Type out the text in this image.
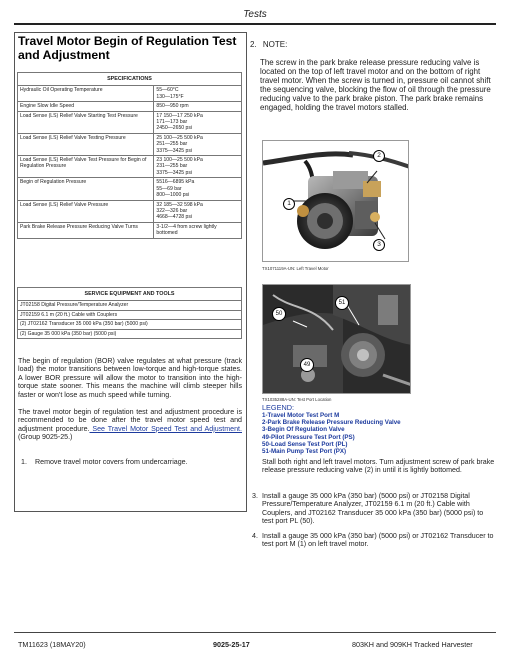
Tests
Travel Motor Begin of Regulation Test and Adjustment
SPECIFICATIONS	
Hydraulic Oil Operating Temperature	55—60°C
130—175°F

Engine Slow Idle Speed	850—950 rpm

Load Sense (LS) Relief Valve Starting Test Pressure	17 150—17 250 kPa
171—173 bar
2450—2650 psi

Load Sense (LS) Relief Valve Testing Pressure	25 100—25 500 kPa
251—255 bar
3375—3425 psi

Load Sense (LS) Relief Valve Test Pressure for Begin of Regulation Pressure	23 100—25 500 kPa
231—255 bar
3375—3425 psi

Begin of Regulation Pressure	5516—6895 kPa
55—69 bar
800—1000 psi

Load Sense (LS) Relief Valve Pressure	32 185—32 598 kPa
322—326 bar
4668—4728 psi

Park Brake Release Pressure Reducing Valve Turns	3-1/2—4 from screw lightly bottomed
SERVICE EQUIPMENT AND TOOLS
JT02158 Digital Pressure/Temperature Analyzer
JT02159 6.1 m (20 ft.) Cable with Couplers
(2) JT02162 Transducer 35 000 kPa (350 bar) (5000 psi)
(2) Gauge 35 000 kPa (350 bar) (5000 psi)
The begin of regulation (BOR) valve regulates at what pressure (track load) the motor transitions between low-torque and high-torque states. A lower BOR pressure will allow the motor to transition into the high-torque state sooner. This means the machine will climb steeper hills faster or won't lose as much speed while turning.
The travel motor begin of regulation test and adjustment procedure is recommended to be done after the travel motor speed test and adjustment procedure. See Travel Motor Speed Test and Adjustment. (Group 9025-25.)
1. Remove travel motor covers from undercarriage.
2. NOTE:
The screw in the park brake release pressure reducing valve is located on the top of left travel motor and on the bottom of right travel motor. When the screw is turned in, pressure oil cannot shift the sequencing valve, blocking the flow of oil through the pressure reducing valve to the park brake piston. The park brake remains engaged, holding the travel motors stalled.
1
2
3
TX1071119A-UN: Left Travel Motor
50
51
49
TX1035288A-UN: Test Port Location
LEGEND:
1-Travel Motor Test Port M
2-Park Brake Release Pressure Reducing Valve
3-Begin Of Regulation Valve
49-Pilot Pressure Test Port (PS)
50-Load Sense Test Port (PL)
51-Main Pump Test Port (PX)
Stall both right and left travel motors. Turn adjustment screw of park brake release pressure reducing valve (2) in until it is lightly bottomed.
3. Install a gauge 35 000 kPa (350 bar) (5000 psi) or JT02158 Digital Pressure/Temperature Analyzer, JT02159 6.1 m (20 ft.) Cable with Couplers, and JT02162 Transducer 35 000 kPa (350 bar) (5000 psi) to test port PL (50).
4. Install a gauge 35 000 kPa (350 bar) (5000 psi) or JT02162 Transducer to test port M (1) on left travel motor.
TM11623 (18MAY20)	9025-25-17	803KH and 909KH Tracked Harvester
